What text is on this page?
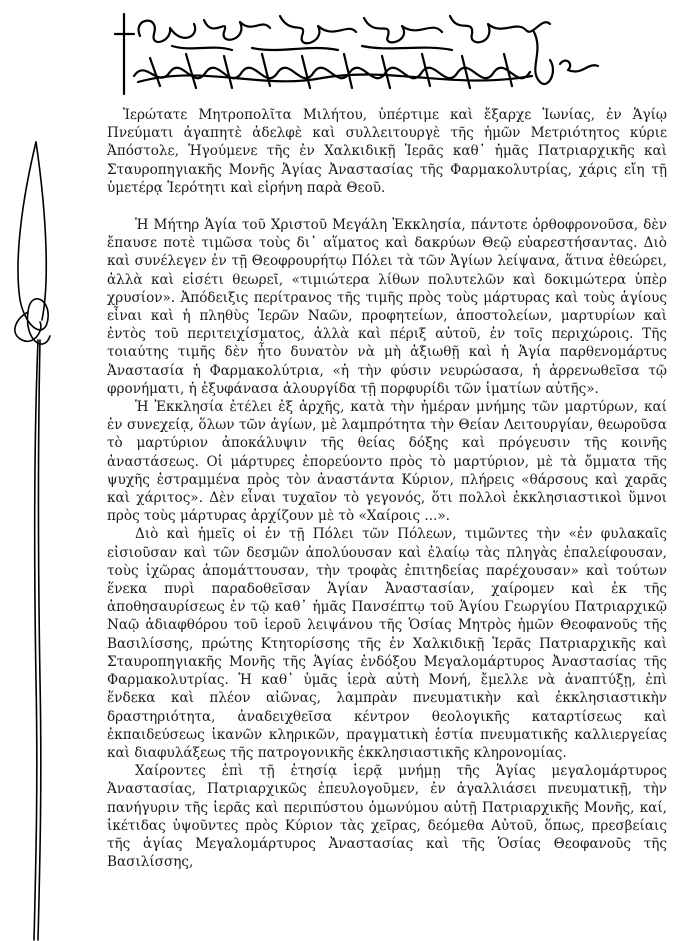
Ἱερώτατε Μητροπολῖτα Μιλήτου, ὑπέρτιμε καὶ ἔξαρχε Ἰωνίας, ἐν Ἁγίῳ Πνεύματι ἀγαπητὲ ἀδελφὲ καὶ συλλειτουργὲ τῆς ἡμῶν Μετριότητος κύριε Ἀπόστολε, Ἡγούμενε τῆς ἐν Χαλκιδικῇ Ἱερᾶς καθ᾽ ἡμᾶς Πατριαρχικῆς καὶ Σταυροπηγιακῆς Μονῆς Ἁγίας Ἀναστασίας τῆς Φαρμακολυτρίας, χάρις εἴη τῇ ὑμετέρᾳ Ἱερότητι καὶ εἰρήνη παρὰ Θεοῦ.

Ἡ Μήτηρ Ἁγία τοῦ Χριστοῦ Μεγάλη Ἐκκλησία, πάντοτε ὀρθοφρονοῦσα, δὲν ἔπαυσε ποτὲ τιμῶσα τοὺς δι᾽ αἵματος καὶ δακρύων Θεῷ εὐαρεστήσαντας. Διὸ καὶ συνέλεγεν ἐν τῇ Θεοφρουρήτῳ Πόλει τὰ τῶν Ἁγίων λείψανα, ἅτινα ἐθεώρει, ἀλλὰ καὶ εἰσέτι θεωρεῖ, «τιμιώτερα λίθων πολυτελῶν καὶ δοκιμώτερα ὑπὲρ χρυσίον». Ἀπόδειξις περίτρανος τῆς τιμῆς πρὸς τοὺς μάρτυρας καὶ τοὺς ἁγίους εἶναι καὶ ἡ πληθὺς Ἱερῶν Ναῶν, προφητείων, ἀποστολείων, μαρτυρίων καὶ ἐντὸς τοῦ περιτειχίσματος, ἀλλὰ καὶ πέριξ αὐτοῦ, ἐν τοῖς περιχώροις. Τῆς τοιαύτης τιμῆς δὲν ἦτο δυνατὸν νὰ μὴ ἀξιωθῇ καὶ ἡ Ἁγία παρθενομάρτυς Ἀναστασία ἡ Φαρμακολύτρια, «ἡ τὴν φύσιν νευρώσασα, ἡ ἀρρενωθεῖσα τῷ φρονήματι, ἡ ἐξυφάνασα ἀλουργίδα τῇ πορφυρίδι τῶν ἱματίων αὐτῆς».

Ἡ Ἐκκλησία ἐτέλει ἐξ ἀρχῆς, κατὰ τὴν ἡμέραν μνήμης τῶν μαρτύρων, καί ἐν συνεχείᾳ, ὅλων τῶν ἁγίων, μὲ λαμπρότητα τὴν Θείαν Λειτουργίαν, θεωροῦσα τὸ μαρτύριον ἀποκάλυψιν τῆς θείας δόξης καὶ πρόγευσιν τῆς κοινῆς ἀναστάσεως. Οἱ μάρτυρες ἐπορεύοντο πρὸς τὸ μαρτύριον, μὲ τὰ ὄμματα τῆς ψυχῆς ἐστραμμένα πρὸς τὸν ἀναστάντα Κύριον, πλήρεις «θάρσους καὶ χαρᾶς καὶ χάριτος». Δὲν εἶναι τυχαῖον τὸ γεγονός, ὅτι πολλοὶ ἐκκλησιαστικοὶ ὕμνοι πρὸς τοὺς μάρτυρας ἀρχίζουν μὲ τὸ «Χαίροις ...».

Διὸ καὶ ἡμεῖς οἱ ἐν τῇ Πόλει τῶν Πόλεων, τιμῶντες τὴν «ἐν φυλακαῖς εἰσιοῦσαν καὶ τῶν δεσμῶν ἀπολύουσαν καὶ ἐλαίῳ τὰς πληγὰς ἐπαλείφουσαν, τοὺς ἰχῶρας ἀπομάττουσαν, τὴν τροφὰς ἐπιτηδείας παρέχουσαν» καὶ τούτων ἕνεκα πυρὶ παραδοθεῖσαν Ἁγίαν Ἀναστασίαν, χαίρομεν καὶ ἐκ τῆς ἀποθησαυρίσεως ἐν τῷ καθ᾽ ἡμᾶς Πανσέπτῳ τοῦ Ἁγίου Γεωργίου Πατριαρχικῷ Ναῷ ἀδιαφθόρου τοῦ ἱεροῦ λειψάνου τῆς Ὁσίας Μητρὸς ἡμῶν Θεοφανοῦς τῆς Βασιλίσσης, πρώτης Κτητορίσσης τῆς ἐν Χαλκιδικῇ Ἱερᾶς Πατριαρχικῆς καὶ Σταυροπηγιακῆς Μονῆς τῆς Ἁγίας ἐνδόξου Μεγαλομάρτυρος Ἀναστασίας τῆς Φαρμακολυτρίας. Ἡ καθ᾽ ὑμᾶς ἱερὰ αὐτὴ Μονή, ἔμελλε νὰ ἀναπτύξῃ, ἐπὶ ἕνδεκα καὶ πλέον αἰῶνας, λαμπρὰν πνευματικὴν καὶ ἐκκλησιαστικὴν δραστηριότητα, ἀναδειχθεῖσα κέντρον θεολογικῆς καταρτίσεως καὶ ἐκπαιδεύσεως ἱκανῶν κληρικῶν, πραγματικὴ ἑστία πνευματικῆς καλλιεργείας καὶ διαφυλάξεως τῆς πατρογονικῆς ἐκκλησιαστικῆς κληρονομίας.

Χαίροντες ἐπὶ τῇ ἐτησίᾳ ἱερᾷ μνήμῃ τῆς Ἁγίας μεγαλομάρτυρος Ἀναστασίας, Πατριαρχικῶς ἐπευλογοῦμεν, ἐν ἀγαλλιάσει πνευματικῇ, τὴν πανήγυριν τῆς ἱερᾶς καὶ περιπύστου ὁμωνύμου αὐτῇ Πατριαρχικῆς Μονῆς, καί, ἱκέτιδας ὑψοῦντες πρὸς Κύριον τὰς χεῖρας, δεόμεθα Αὐτοῦ, ὅπως, πρεσβείαις τῆς ἁγίας Μεγαλομάρτυρος Ἀναστασίας καὶ τῆς Ὁσίας Θεοφανοῦς τῆς Βασιλίσσης,
